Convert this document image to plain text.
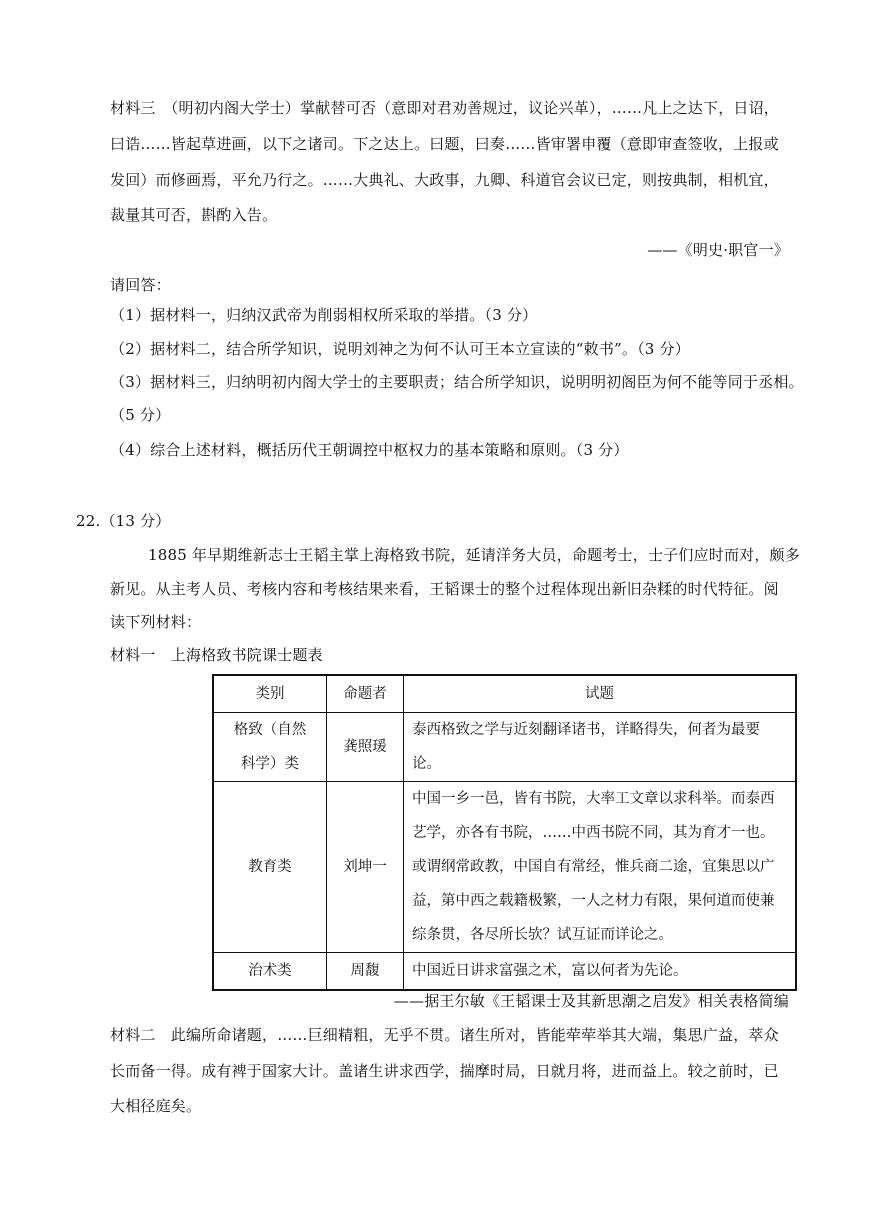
材料三　（明初内阁大学士）掌献替可否（意即对君劝善规过，议论兴革），……凡上之达下，日诏，
曰诰……皆起草进画，以下之诸司。下之达上。曰题，曰奏……皆审署申覆（意即审查签收，上报或
发回）而修画焉，平允乃行之。……大典礼、大政事，九卿、科道官会议已定，则按典制，相机宜，
裁量其可否，斟酌入告。
——《明史·职官一》
请回答：
（1）据材料一，归纳汉武帝为削弱相权所采取的举措。（3 分）
（2）据材料二，结合所学知识，说明刘神之为何不认可王本立宣读的“敕书”。（3 分）
（3）据材料三，归纳明初内阁大学士的主要职责；结合所学知识，说明明初阁臣为何不能等同于丞相。
（5 分）
（4）综合上述材料，概括历代王朝调控中枢权力的基本策略和原则。（3 分）
22.（13 分）
1885 年早期维新志士王韬主掌上海格致书院，延请洋务大员，命题考士，士子们应时而对，颇多
新见。从主考人员、考核内容和考核结果来看，王韬课士的整个过程体现出新旧杂糅的时代特征。阅
读下列材料：
材料一　上海格致书院课士题表
类别	命题者	试题

格致（自然
科学）类	龚照瑗	泰西格致之学与近刻翻译诸书，详略得失，何者为最要论。

教育类	刘坤一	中国一乡一邑，皆有书院，大率工文章以求科举。而泰西
艺学，亦各有书院，……中西书院不同，其为育才一也。
或谓纲常政教，中国自有常经，惟兵商二途，宜集思以广
益，第中西之载籍极繁，一人之材力有限，果何道而使兼
综条贯，各尽所长欤？试互证而详论之。

治术类	周馥	中国近日讲求富强之术，富以何者为先论。
——据王尔敏《王韬课士及其新思潮之启发》相关表格简编
材料二　此编所命诸题，……巨细精粗，无乎不贯。诸生所对，皆能荦荦举其大端，集思广益，萃众
长而备一得。成有裨于国家大计。盖诸生讲求西学，揣摩时局，日就月将，进而益上。较之前时，已
大相径庭矣。
